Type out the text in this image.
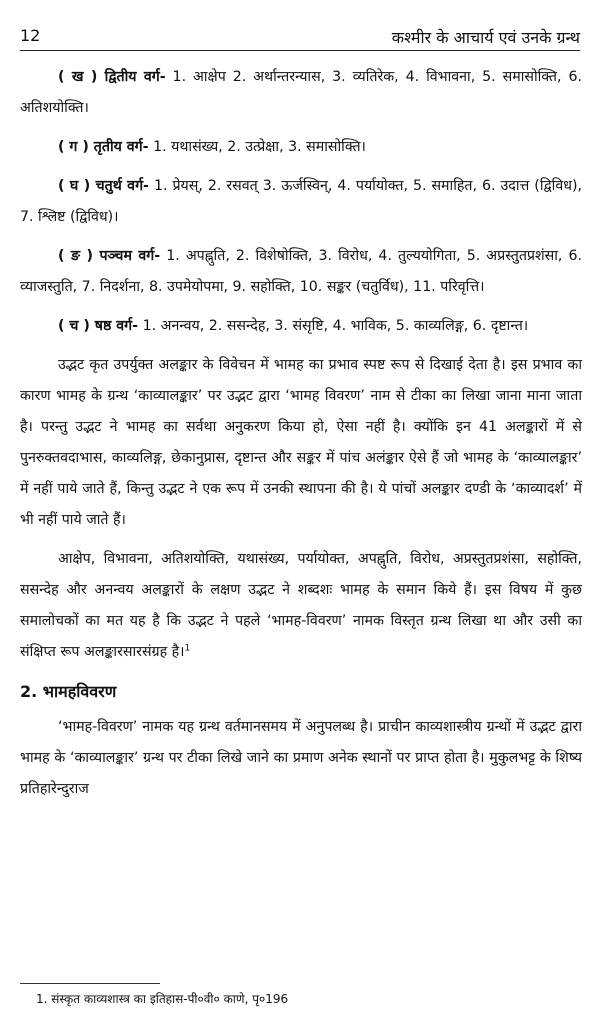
12	कश्मीर के आचार्य एवं उनके ग्रन्थ

( ख ) द्वितीय वर्ग- 1. आक्षेप 2. अर्थान्तरन्यास, 3. व्यतिरेक, 4. विभावना, 5. समासोक्ति, 6. अतिशयोक्ति।

( ग ) तृतीय वर्ग- 1. यथासंख्य, 2. उत्प्रेक्षा, 3. समासोक्ति।

( घ ) चतुर्थ वर्ग- 1. प्रेयस्, 2. रसवत् 3. ऊर्जस्विन्, 4. पर्यायोक्त, 5. समाहित, 6. उदात्त (द्विविध), 7. श्लिष्ट (द्विविध)।

( ङ ) पञ्चम वर्ग- 1. अपह्नुति, 2. विशेषोक्ति, 3. विरोध, 4. तुल्ययोगिता, 5. अप्रस्तुतप्रशंसा, 6. व्याजस्तुति, 7. निदर्शना, 8. उपमेयोपमा, 9. सहोक्ति, 10. सङ्कर (चतुर्विध), 11. परिवृत्ति।

( च ) षष्ठ वर्ग- 1. अनन्वय, 2. ससन्देह, 3. संसृष्टि, 4. भाविक, 5. काव्यलिङ्ग, 6. दृष्टान्त।

उद्भट कृत उपर्युक्त अलङ्कार के विवेचन में भामह का प्रभाव स्पष्ट रूप से दिखाई देता है। इस प्रभाव का कारण भामह के ग्रन्थ ‘काव्यालङ्कार’ पर उद्भट द्वारा ‘भामह विवरण’ नाम से टीका का लिखा जाना माना जाता है। परन्तु उद्भट ने भामह का सर्वथा अनुकरण किया हो, ऐसा नहीं है। क्योंकि इन 41 अलङ्कारों में से पुनरुक्तवदाभास, काव्यलिङ्ग, छेकानुप्रास, दृष्टान्त और सङ्कर में पांच अलंङ्कार ऐसे हैं जो भामह के ‘काव्यालङ्कार’ में नहीं पाये जाते हैं, किन्तु उद्भट ने एक रूप में उनकी स्थापना की है। ये पांचों अलङ्कार दण्डी के ‘काव्यादर्श’ में भी नहीं पाये जाते हैं।

आक्षेप, विभावना, अतिशयोक्ति, यथासंख्य, पर्यायोक्त, अपह्नुति, विरोध, अप्रस्तुतप्रशंसा, सहोक्ति, ससन्देह और अनन्वय अलङ्कारों के लक्षण उद्भट ने शब्दशः भामह के समान किये हैं। इस विषय में कुछ समालोचकों का मत यह है कि उद्भट ने पहले ‘भामह-विवरण’ नामक विस्तृत ग्रन्थ लिखा था और उसी का संक्षिप्त रूप अलङ्कारसारसंग्रह है।$^1$

2. भामहविवरण

‘भामह-विवरण’ नामक यह ग्रन्थ वर्तमानसमय में अनुपलब्ध है। प्राचीन काव्यशास्त्रीय ग्रन्थों में उद्भट द्वारा भामह के ‘काव्यालङ्कार’ ग्रन्थ पर टीका लिखे जाने का प्रमाण अनेक स्थानों पर प्राप्त होता है। मुकुलभट्ट के शिष्य प्रतिहारेन्दुराज

1. संस्कृत काव्यशास्त्र का इतिहास-पी०वी० काणे, पृ०196
